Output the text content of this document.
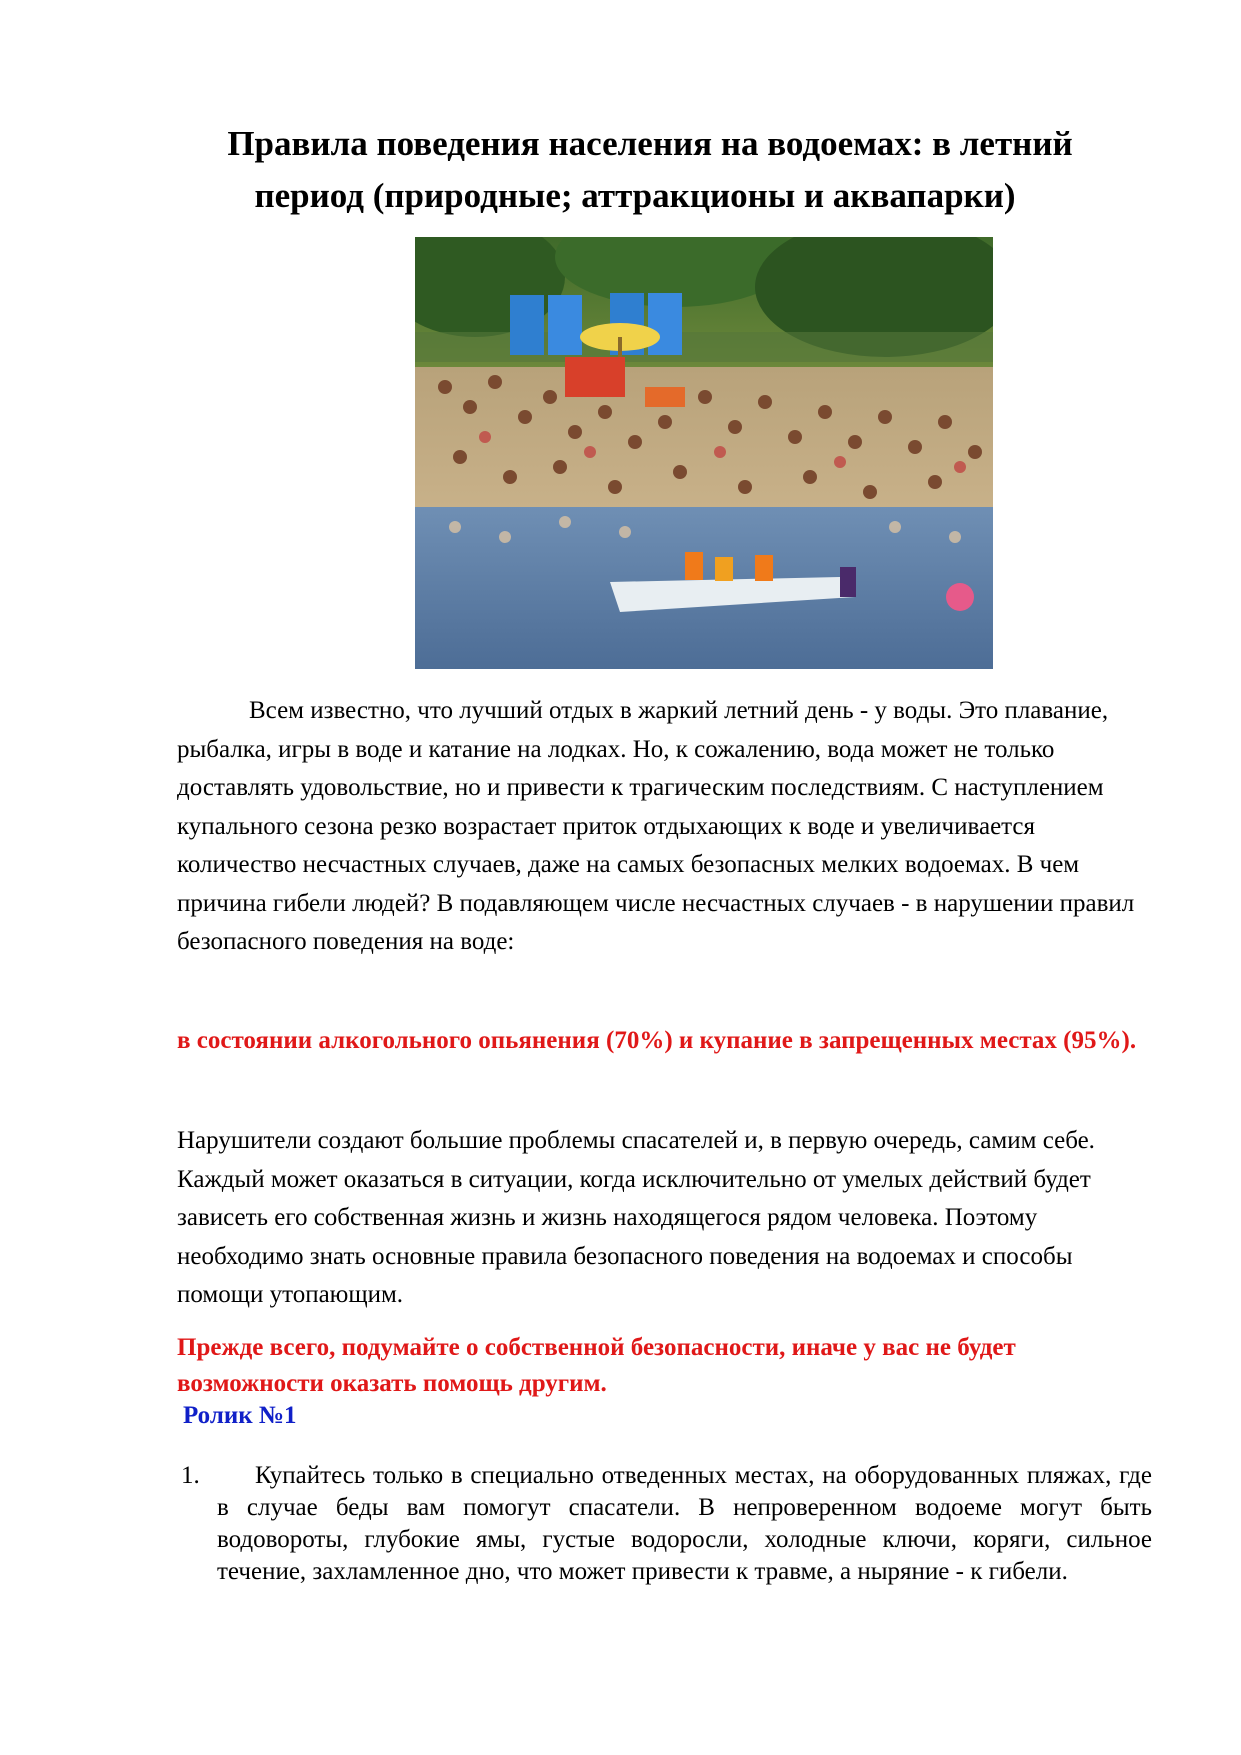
Правила поведения населения на водоемах: в летний
период (природные; аттракционы и аквапарки)

Всем известно, что лучший отдых в жаркий летний день - у воды. Это плавание, рыбалка, игры в воде и катание на лодках. Но, к сожалению, вода может не только доставлять удовольствие, но и привести к трагическим последствиям. С наступлением купального сезона резко возрастает приток отдыхающих к воде и увеличивается количество несчастных случаев, даже на самых безопасных мелких водоемах. В чем причина гибели людей? В подавляющем числе несчастных случаев - в нарушении правил безопасного поведения на воде:

в состоянии алкогольного опьянения (70%) и купание в запрещенных местах (95%).

Нарушители создают большие проблемы спасателей и, в первую очередь, самим себе. Каждый может оказаться в ситуации, когда исключительно от умелых действий будет зависеть его собственная жизнь и жизнь находящегося рядом человека. Поэтому необходимо знать основные правила безопасного поведения на водоемах и способы помощи утопающим.

Прежде всего, подумайте о собственной безопасности, иначе у вас не будет возможности оказать помощь другим.

Ролик №1
1.	Купайтесь только в специально отведенных местах, на оборудованных пляжах, где в случае беды вам помогут спасатели. В непроверенном водоеме могут быть водовороты, глубокие ямы, густые водоросли, холодные ключи, коряги, сильное течение, захламленное дно, что может привести к травме, а ныряние - к гибели.
